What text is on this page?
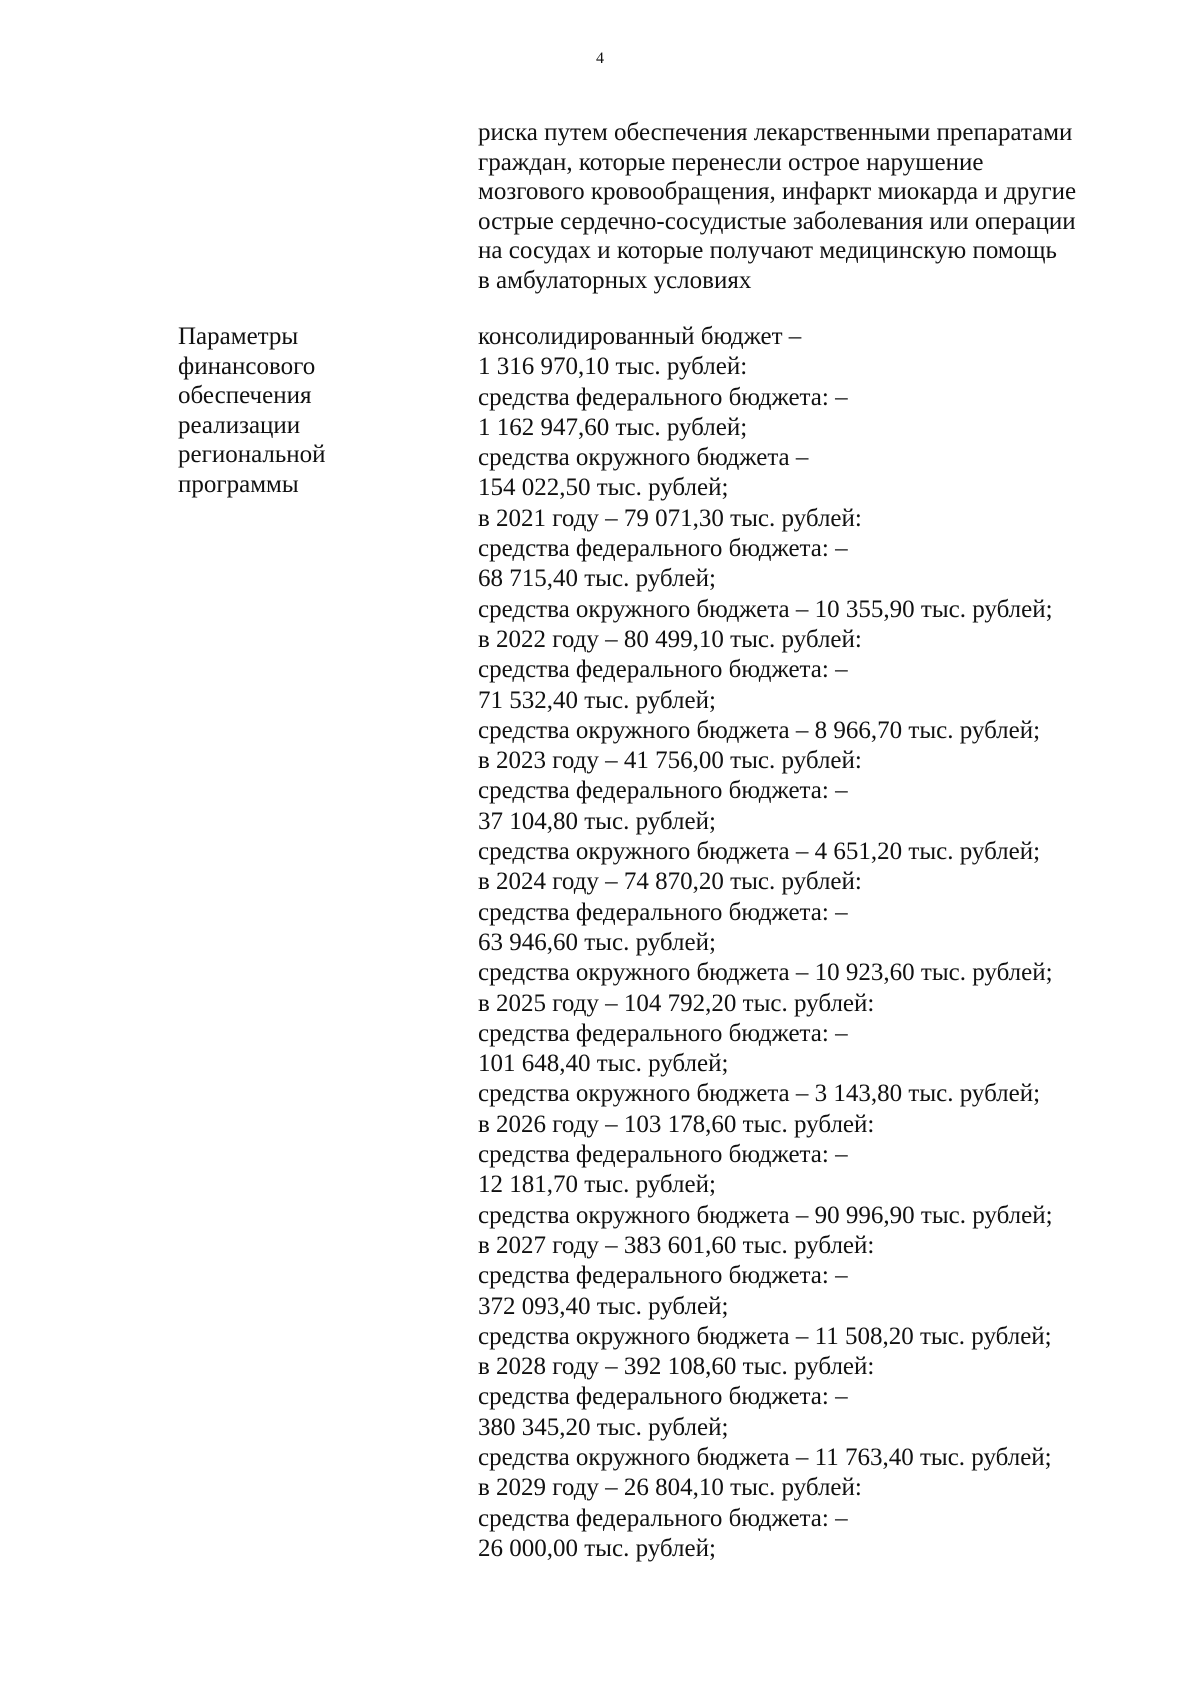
4
риска путем обеспечения лекарственными препаратами
граждан, которые перенесли острое нарушение
мозгового кровообращения, инфаркт миокарда и другие
острые сердечно-сосудистые заболевания или операции
на сосудах и которые получают медицинскую помощь
в амбулаторных условиях
Параметры
финансового
обеспечения
реализации
региональной
программы
консолидированный бюджет –
1 316 970,10 тыс. рублей:
средства федерального бюджета: –
1 162 947,60 тыс. рублей;
средства окружного бюджета –
154 022,50 тыс. рублей;
в 2021 году – 79 071,30 тыс. рублей:
средства федерального бюджета: –
68 715,40 тыс. рублей;
средства окружного бюджета – 10 355,90 тыс. рублей;
в 2022 году – 80 499,10 тыс. рублей:
средства федерального бюджета: –
71 532,40 тыс. рублей;
средства окружного бюджета – 8 966,70 тыс. рублей;
в 2023 году – 41 756,00 тыс. рублей:
средства федерального бюджета: –
37 104,80 тыс. рублей;
средства окружного бюджета – 4 651,20 тыс. рублей;
в 2024 году – 74 870,20 тыс. рублей:
средства федерального бюджета: –
63 946,60 тыс. рублей;
средства окружного бюджета – 10 923,60 тыс. рублей;
в 2025 году – 104 792,20 тыс. рублей:
средства федерального бюджета: –
101 648,40 тыс. рублей;
средства окружного бюджета – 3 143,80 тыс. рублей;
в 2026 году – 103 178,60 тыс. рублей:
средства федерального бюджета: –
12 181,70 тыс. рублей;
средства окружного бюджета – 90 996,90 тыс. рублей;
в 2027 году – 383 601,60 тыс. рублей:
средства федерального бюджета: –
372 093,40 тыс. рублей;
средства окружного бюджета – 11 508,20 тыс. рублей;
в 2028 году – 392 108,60 тыс. рублей:
средства федерального бюджета: –
380 345,20 тыс. рублей;
средства окружного бюджета – 11 763,40 тыс. рублей;
в 2029 году – 26 804,10 тыс. рублей:
средства федерального бюджета: –
26 000,00 тыс. рублей;
